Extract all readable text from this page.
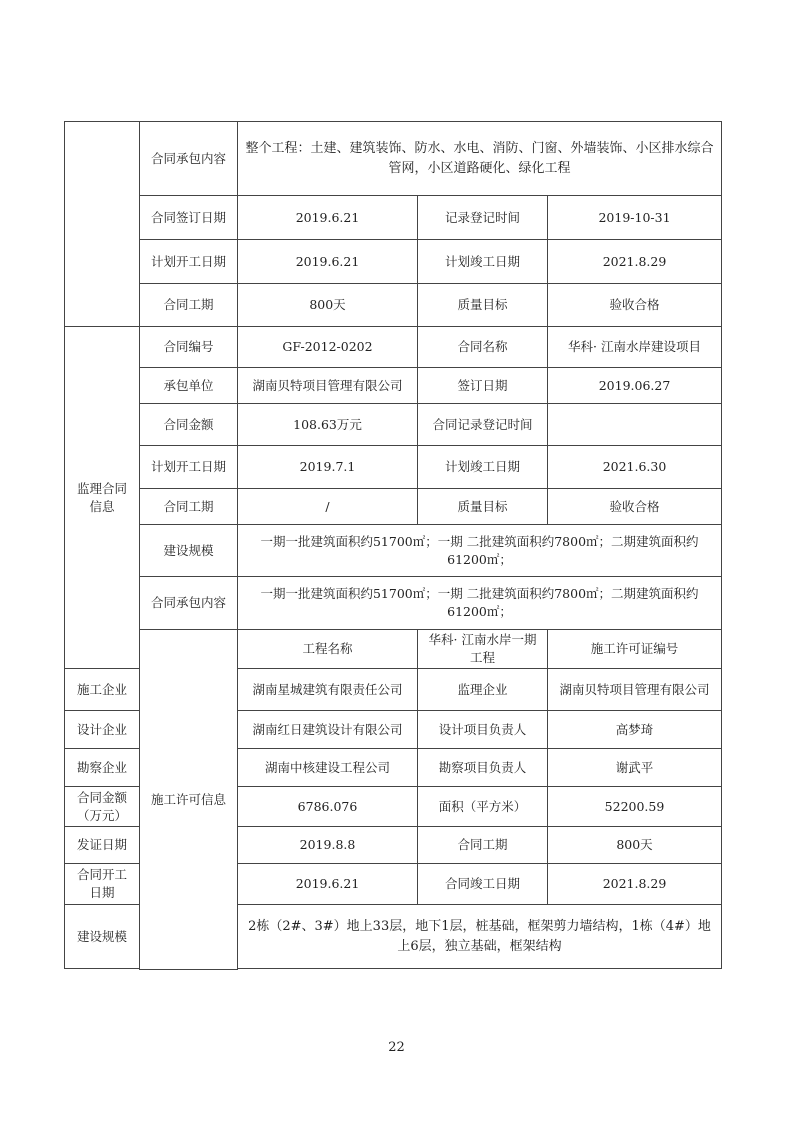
	合同承包内容	整个工程：土建、建筑装饰、防水、水电、消防、门窗、外墙装饰、小区排水综合管网，小区道路硬化、绿化工程			
	合同签订日期	2019.6.21	记录登记时间	2019-10-31	
	计划开工日期	2019.6.21	计划竣工日期	2021.8.29	
	合同工期	800天	质量目标	验收合格	
监理合同信息	合同编号	GF-2012-0202	合同名称	华科· 江南水岸建设项目	
	承包单位	湖南贝特项目管理有限公司	签订日期	2019.06.27	
	合同金额	108.63万元	合同记录登记时间		
	计划开工日期	2019.7.1	计划竣工日期	2021.6.30	
	合同工期	/	质量目标	验收合格	
	建设规模	一期一批建筑面积约51700㎡；一期 二批建筑面积约7800㎡；二期建筑面积约61200㎡；			
	合同承包内容	一期一批建筑面积约51700㎡；一期 二批建筑面积约7800㎡；二期建筑面积约61200㎡；			
	施工许可信息	工程名称	华科· 江南水岸一期工程	施工许可证编号	
施工企业		湖南星城建筑有限责任公司	监理企业	湖南贝特项目管理有限公司	
设计企业		湖南红日建筑设计有限公司	设计项目负责人	高梦琦	
勘察企业		湖南中核建设工程公司	勘察项目负责人	谢武平	
合同金额（万元）		6786.076	面积（平方米）	52200.59	
发证日期		2019.8.8	合同工期	800天	
合同开工日期		2019.6.21	合同竣工日期	2021.8.29	
建设规模		2栋（2#、3#）地上33层，地下1层，桩基础，框架剪力墙结构，1栋（4#）地上6层，独立基础，框架结构			

22
